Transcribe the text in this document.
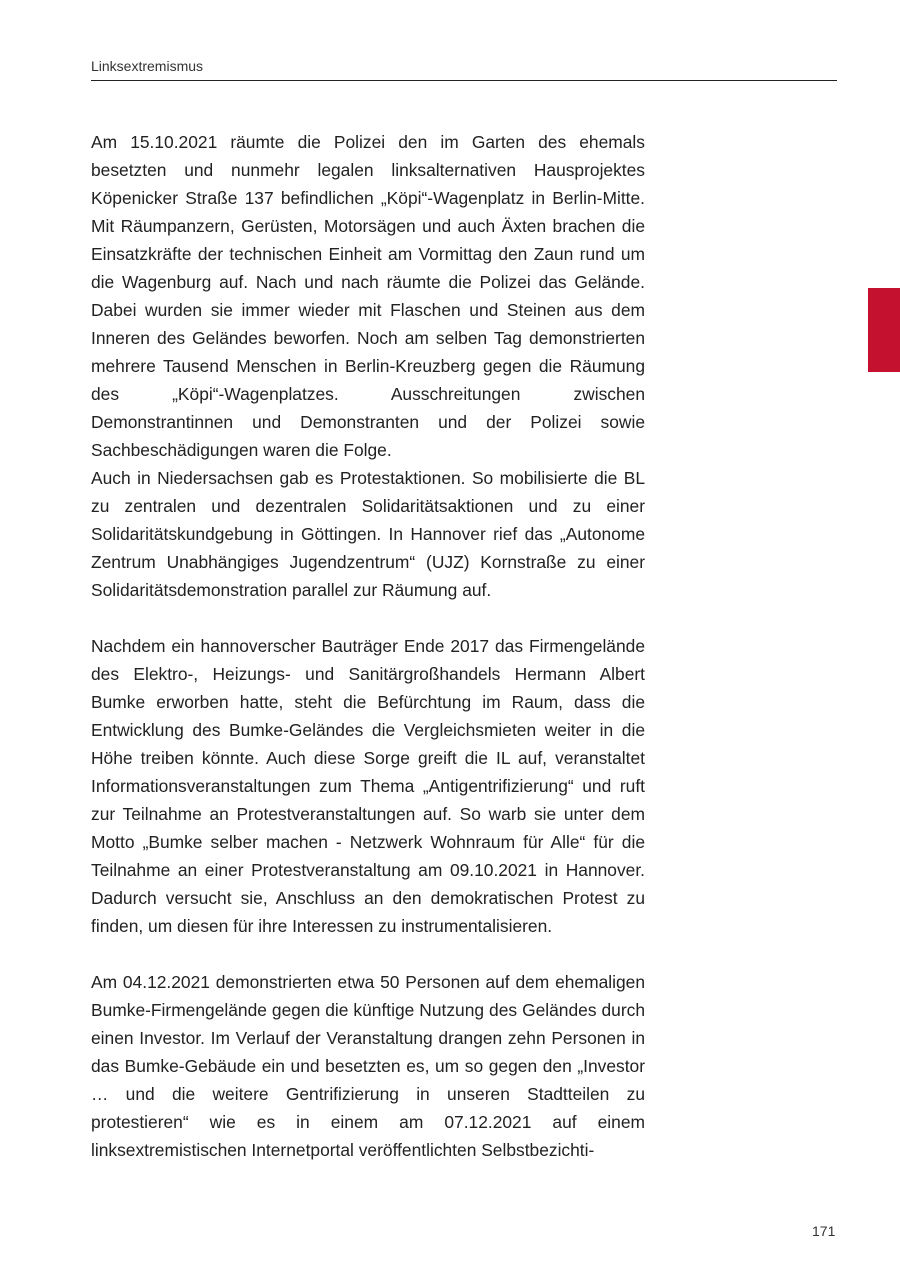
Linksextremismus

Am 15.10.2021 räumte die Polizei den im Garten des ehemals besetzten und nunmehr legalen linksalternativen Hausprojektes Köpenicker Straße 137 befindlichen „Köpi“-Wagenplatz in Berlin-Mitte. Mit Räumpanzern, Gerüsten, Motorsägen und auch Äxten brachen die Einsatzkräfte der technischen Einheit am Vormittag den Zaun rund um die Wagenburg auf. Nach und nach räumte die Polizei das Gelände. Dabei wurden sie immer wieder mit Flaschen und Steinen aus dem Inneren des Geländes beworfen. Noch am selben Tag demonstrierten mehrere Tausend Menschen in Berlin-Kreuzberg gegen die Räumung des „Köpi“-Wagenplatzes. Ausschreitungen zwischen Demonstrantinnen und Demonstranten und der Polizei sowie Sachbeschädigungen waren die Folge.

Auch in Niedersachsen gab es Protestaktionen. So mobilisierte die BL zu zentralen und dezentralen Solidaritätsaktionen und zu einer Solidaritätskundgebung in Göttingen. In Hannover rief das „Autonome Zentrum Unabhängiges Jugendzentrum“ (UJZ) Kornstraße zu einer Solidaritätsdemonstration parallel zur Räumung auf.

Nachdem ein hannoverscher Bauträger Ende 2017 das Firmengelände des Elektro-, Heizungs- und Sanitärgroßhandels Hermann Albert Bumke erworben hatte, steht die Befürchtung im Raum, dass die Entwicklung des Bumke-Geländes die Vergleichsmieten weiter in die Höhe treiben könnte. Auch diese Sorge greift die IL auf, veranstaltet Informationsveranstaltungen zum Thema „Antigentrifizierung“ und ruft zur Teilnahme an Protestveranstaltungen auf. So warb sie unter dem Motto „Bumke selber machen - Netzwerk Wohnraum für Alle“ für die Teilnahme an einer Protestveranstaltung am 09.10.2021 in Hannover. Dadurch versucht sie, Anschluss an den demokratischen Protest zu finden, um diesen für ihre Interessen zu instrumentalisieren.

Am 04.12.2021 demonstrierten etwa 50 Personen auf dem ehemaligen Bumke-Firmengelände gegen die künftige Nutzung des Geländes durch einen Investor. Im Verlauf der Veranstaltung drangen zehn Personen in das Bumke-Gebäude ein und besetzten es, um so gegen den „Investor … und die weitere Gentrifizierung in unseren Stadtteilen zu protestieren“ wie es in einem am 07.12.2021 auf einem linksextremistischen Internetportal veröffentlichten Selbstbezichti-

171
